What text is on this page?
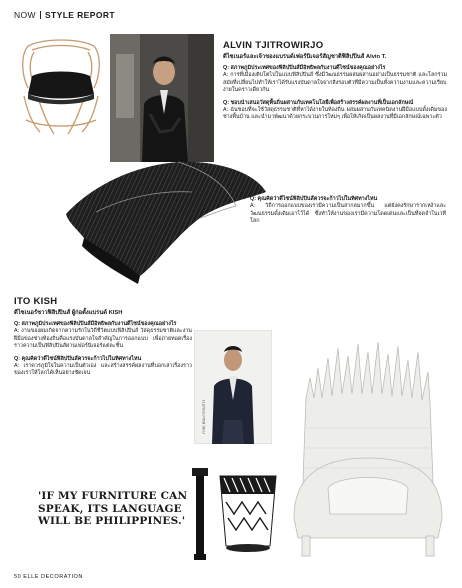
NOW STYLE REPORT
ALVIN TJITROWIRJO
ดีไซเนอร์และเจ้าของแบรนด์เฟอร์นิเจอร์สัญชาติฟิลิปปินส์ Alvin T.
Q: สภาพภูมิประเทศของฟิลิปปินส์มีอิทธิพลกับงานดีไซน์ของคุณอย่างไร
A: การที่เมืองเติบโตไปในแบบฟิลิปปินส์ ซึ่งมีวัฒนธรรมผสมผสานอย่างเป็นธรรมชาติ และโลกร่วมสมัยที่เปลี่ยนไปทำให้เราได้รับแรงบันดาลใจจากสิ่งรอบตัวที่มีความเป็นทั้งความงามและความเรียบง่ายในคราวเดียวกัน
Q: ชอบนำเสนอวัสดุพื้นถิ่นผสานกับเทคโนโลยีเพื่อสร้างสรรค์ผลงานที่เป็นเอกลักษณ์
A: ฉันชอบที่จะใช้วัสดุธรรมชาติที่หาได้ง่ายในท้องถิ่น ผสมผสานกับเทคนิคงานฝีมือแบบดั้งเดิมของช่างพื้นบ้าน และนำมาพัฒนาด้วยกระบวนการใหม่ๆ เพื่อให้เกิดเป็นผลงานที่มีเอกลักษณ์เฉพาะตัว
Q: คุณคิดว่าดีไซน์ฟิลิปปินส์ควรจะก้าวไปในทิศทางไหน
A: วิถีการออกแบบของเรามีความเป็นสากลมากขึ้น แต่ยังคงรักษารากเหง้าและวัฒนธรรมดั้งเดิมเอาไว้ได้ ซึ่งทำให้งานของเรามีความโดดเด่นและเป็นที่จดจำในเวทีโลก
ITO KISH
ดีไซเนอร์ชาวฟิลิปปินส์ ผู้ก่อตั้งแบรนด์ KISH
Q: สภาพภูมิประเทศของฟิลิปปินส์มีอิทธิพลกับงานดีไซน์ของคุณอย่างไร
A: งานของผมเกิดจากความรักในวิถีชีวิตแบบฟิลิปปินส์ วัสดุธรรมชาติและงานฝีมือของช่างท้องถิ่นคือแรงบันดาลใจสำคัญในการออกแบบ เพื่อถ่ายทอดเรื่องราวความเป็นฟิลิปปินส์ผ่านเฟอร์นิเจอร์แต่ละชิ้น
Q: คุณคิดว่าดีไซน์ฟิลิปปินส์ควรจะก้าวไปในทิศทางไหน
A: เราควรภูมิใจในความเป็นตัวเอง และสร้างสรรค์ผลงานที่บอกเล่าเรื่องราวของเราให้โลกได้เห็นอย่างชัดเจน
'IF MY FURNITURE CAN SPEAK, ITS LANGUAGE WILL BE PHILIPPINES.'
ภาพ: คณะกรรมการ
50 ELLE DECORATION
